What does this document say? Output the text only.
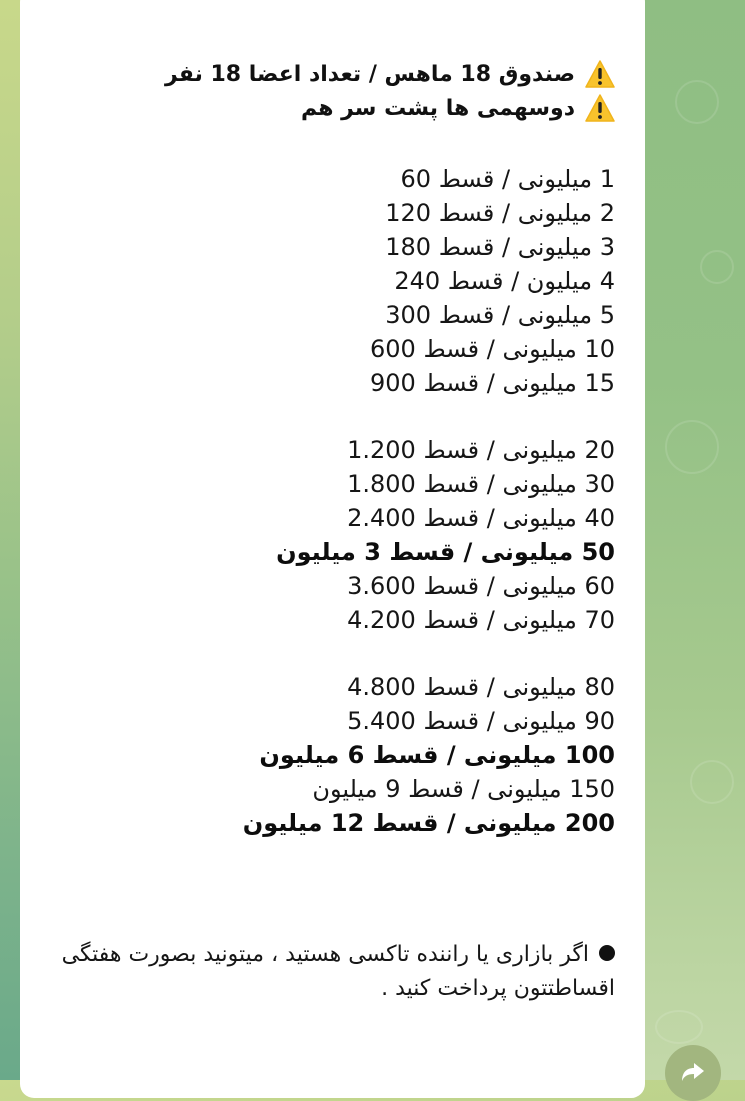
صندوق 18 ماهس / تعداد اعضا 18 نفر
دوسهمی ها پشت سر هم
1 میلیونی / قسط 60
2 میلیونی / قسط 120
3 میلیونی / قسط 180
4 میلیون / قسط 240
5 میلیونی / قسط 300
10 میلیونی / قسط 600
15 میلیونی / قسط 900
20 میلیونی / قسط 1.200
30 میلیونی / قسط 1.800
40 میلیونی / قسط 2.400
50 میلیونی / قسط 3 میلیون
60 میلیونی / قسط 3.600
70 میلیونی / قسط 4.200
80 میلیونی / قسط 4.800
90 میلیونی / قسط 5.400
100 میلیونی / قسط 6 میلیون
150 میلیونی / قسط 9 میلیون
200 میلیونی / قسط 12 میلیون
اگر بازاری یا راننده تاکسی هستید ، میتونید بصورت هفتگی اقساطتتون پرداخت کنید .
